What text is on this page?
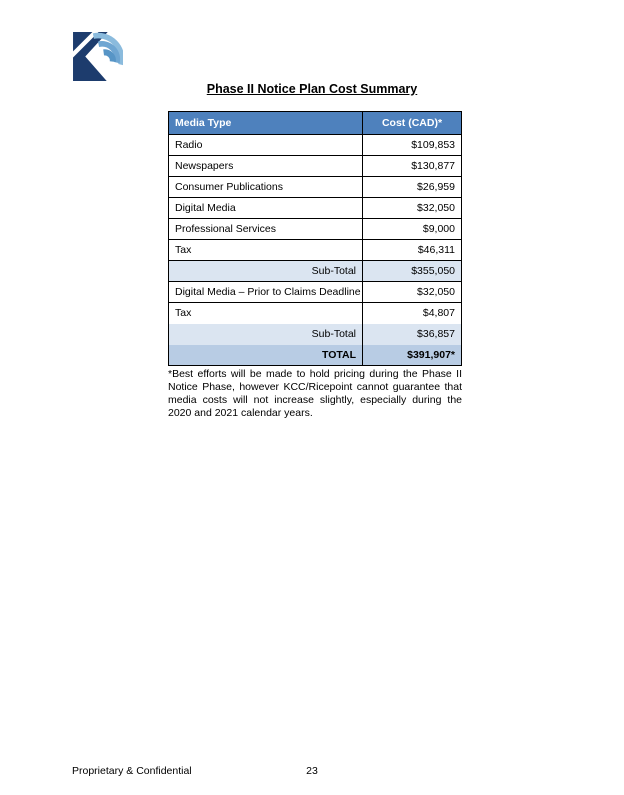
Phase II Notice Plan Cost Summary
Media Type	Cost (CAD)*
Radio	$109,853
Newspapers	$130,877
Consumer Publications	$26,959
Digital Media	$32,050
Professional Services	$9,000
Tax	$46,311
Sub-Total	$355,050
Digital Media – Prior to Claims Deadline	$32,050
Tax	$4,807
Sub-Total	$36,857
TOTAL	$391,907*
*Best efforts will be made to hold pricing during the Phase II Notice Phase, however KCC/Ricepoint cannot guarantee that media costs will not increase slightly, especially during the 2020 and 2021 calendar years.
Proprietary & Confidential	23
